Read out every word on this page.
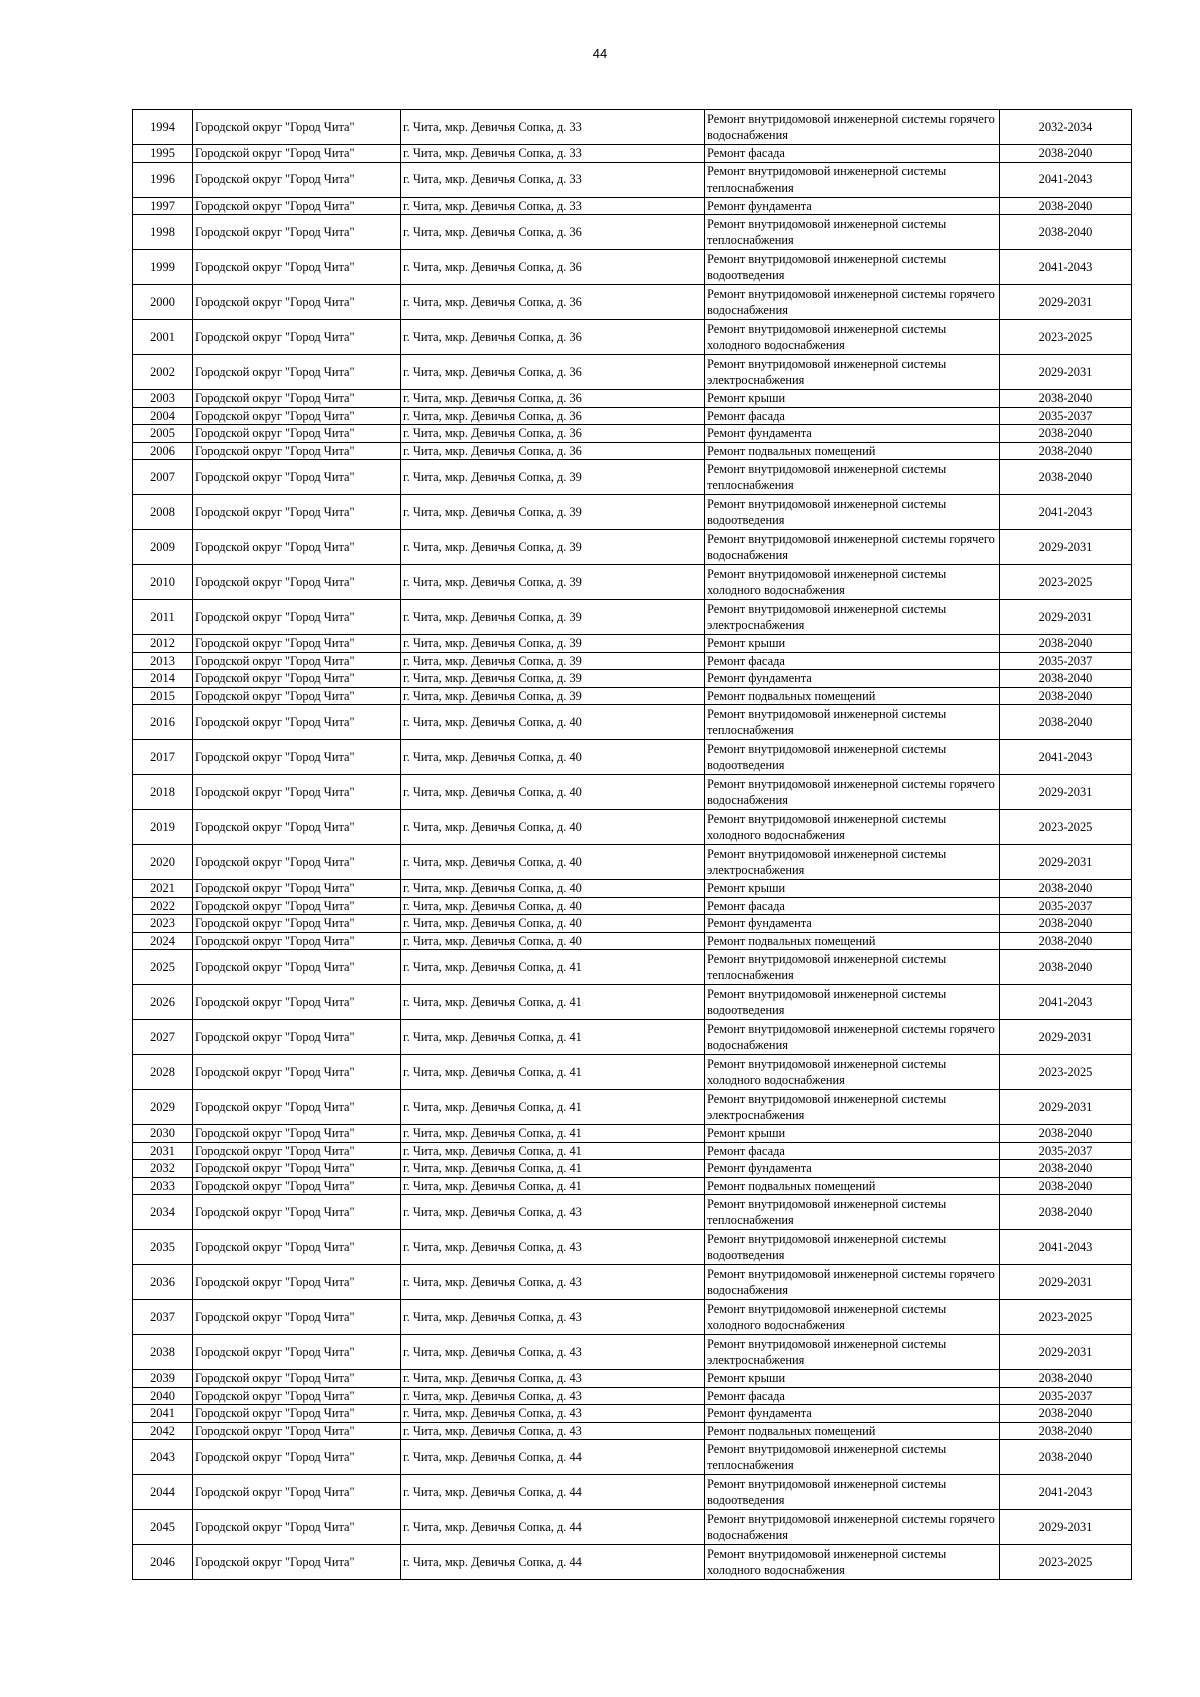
44
1994	Городской округ "Город Чита"	г. Чита, мкр. Девичья Сопка, д. 33	Ремонт внутридомовой инженерной системы горячего водоснабжения	2032-2034
1995	Городской округ "Город Чита"	г. Чита, мкр. Девичья Сопка, д. 33	Ремонт фасада	2038-2040
1996	Городской округ "Город Чита"	г. Чита, мкр. Девичья Сопка, д. 33	Ремонт внутридомовой инженерной системы теплоснабжения	2041-2043
1997	Городской округ "Город Чита"	г. Чита, мкр. Девичья Сопка, д. 33	Ремонт фундамента	2038-2040
1998	Городской округ "Город Чита"	г. Чита, мкр. Девичья Сопка, д. 36	Ремонт внутридомовой инженерной системы теплоснабжения	2038-2040
1999	Городской округ "Город Чита"	г. Чита, мкр. Девичья Сопка, д. 36	Ремонт внутридомовой инженерной системы водоотведения	2041-2043
2000	Городской округ "Город Чита"	г. Чита, мкр. Девичья Сопка, д. 36	Ремонт внутридомовой инженерной системы горячего водоснабжения	2029-2031
2001	Городской округ "Город Чита"	г. Чита, мкр. Девичья Сопка, д. 36	Ремонт внутридомовой инженерной системы холодного водоснабжения	2023-2025
2002	Городской округ "Город Чита"	г. Чита, мкр. Девичья Сопка, д. 36	Ремонт внутридомовой инженерной системы электроснабжения	2029-2031
2003	Городской округ "Город Чита"	г. Чита, мкр. Девичья Сопка, д. 36	Ремонт крыши	2038-2040
2004	Городской округ "Город Чита"	г. Чита, мкр. Девичья Сопка, д. 36	Ремонт фасада	2035-2037
2005	Городской округ "Город Чита"	г. Чита, мкр. Девичья Сопка, д. 36	Ремонт фундамента	2038-2040
2006	Городской округ "Город Чита"	г. Чита, мкр. Девичья Сопка, д. 36	Ремонт подвальных помещений	2038-2040
2007	Городской округ "Город Чита"	г. Чита, мкр. Девичья Сопка, д. 39	Ремонт внутридомовой инженерной системы теплоснабжения	2038-2040
2008	Городской округ "Город Чита"	г. Чита, мкр. Девичья Сопка, д. 39	Ремонт внутридомовой инженерной системы водоотведения	2041-2043
2009	Городской округ "Город Чита"	г. Чита, мкр. Девичья Сопка, д. 39	Ремонт внутридомовой инженерной системы горячего водоснабжения	2029-2031
2010	Городской округ "Город Чита"	г. Чита, мкр. Девичья Сопка, д. 39	Ремонт внутридомовой инженерной системы холодного водоснабжения	2023-2025
2011	Городской округ "Город Чита"	г. Чита, мкр. Девичья Сопка, д. 39	Ремонт внутридомовой инженерной системы электроснабжения	2029-2031
2012	Городской округ "Город Чита"	г. Чита, мкр. Девичья Сопка, д. 39	Ремонт крыши	2038-2040
2013	Городской округ "Город Чита"	г. Чита, мкр. Девичья Сопка, д. 39	Ремонт фасада	2035-2037
2014	Городской округ "Город Чита"	г. Чита, мкр. Девичья Сопка, д. 39	Ремонт фундамента	2038-2040
2015	Городской округ "Город Чита"	г. Чита, мкр. Девичья Сопка, д. 39	Ремонт подвальных помещений	2038-2040
2016	Городской округ "Город Чита"	г. Чита, мкр. Девичья Сопка, д. 40	Ремонт внутридомовой инженерной системы теплоснабжения	2038-2040
2017	Городской округ "Город Чита"	г. Чита, мкр. Девичья Сопка, д. 40	Ремонт внутридомовой инженерной системы водоотведения	2041-2043
2018	Городской округ "Город Чита"	г. Чита, мкр. Девичья Сопка, д. 40	Ремонт внутридомовой инженерной системы горячего водоснабжения	2029-2031
2019	Городской округ "Город Чита"	г. Чита, мкр. Девичья Сопка, д. 40	Ремонт внутридомовой инженерной системы холодного водоснабжения	2023-2025
2020	Городской округ "Город Чита"	г. Чита, мкр. Девичья Сопка, д. 40	Ремонт внутридомовой инженерной системы электроснабжения	2029-2031
2021	Городской округ "Город Чита"	г. Чита, мкр. Девичья Сопка, д. 40	Ремонт крыши	2038-2040
2022	Городской округ "Город Чита"	г. Чита, мкр. Девичья Сопка, д. 40	Ремонт фасада	2035-2037
2023	Городской округ "Город Чита"	г. Чита, мкр. Девичья Сопка, д. 40	Ремонт фундамента	2038-2040
2024	Городской округ "Город Чита"	г. Чита, мкр. Девичья Сопка, д. 40	Ремонт подвальных помещений	2038-2040
2025	Городской округ "Город Чита"	г. Чита, мкр. Девичья Сопка, д. 41	Ремонт внутридомовой инженерной системы теплоснабжения	2038-2040
2026	Городской округ "Город Чита"	г. Чита, мкр. Девичья Сопка, д. 41	Ремонт внутридомовой инженерной системы водоотведения	2041-2043
2027	Городской округ "Город Чита"	г. Чита, мкр. Девичья Сопка, д. 41	Ремонт внутридомовой инженерной системы горячего водоснабжения	2029-2031
2028	Городской округ "Город Чита"	г. Чита, мкр. Девичья Сопка, д. 41	Ремонт внутридомовой инженерной системы холодного водоснабжения	2023-2025
2029	Городской округ "Город Чита"	г. Чита, мкр. Девичья Сопка, д. 41	Ремонт внутридомовой инженерной системы электроснабжения	2029-2031
2030	Городской округ "Город Чита"	г. Чита, мкр. Девичья Сопка, д. 41	Ремонт крыши	2038-2040
2031	Городской округ "Город Чита"	г. Чита, мкр. Девичья Сопка, д. 41	Ремонт фасада	2035-2037
2032	Городской округ "Город Чита"	г. Чита, мкр. Девичья Сопка, д. 41	Ремонт фундамента	2038-2040
2033	Городской округ "Город Чита"	г. Чита, мкр. Девичья Сопка, д. 41	Ремонт подвальных помещений	2038-2040
2034	Городской округ "Город Чита"	г. Чита, мкр. Девичья Сопка, д. 43	Ремонт внутридомовой инженерной системы теплоснабжения	2038-2040
2035	Городской округ "Город Чита"	г. Чита, мкр. Девичья Сопка, д. 43	Ремонт внутридомовой инженерной системы водоотведения	2041-2043
2036	Городской округ "Город Чита"	г. Чита, мкр. Девичья Сопка, д. 43	Ремонт внутридомовой инженерной системы горячего водоснабжения	2029-2031
2037	Городской округ "Город Чита"	г. Чита, мкр. Девичья Сопка, д. 43	Ремонт внутридомовой инженерной системы холодного водоснабжения	2023-2025
2038	Городской округ "Город Чита"	г. Чита, мкр. Девичья Сопка, д. 43	Ремонт внутридомовой инженерной системы электроснабжения	2029-2031
2039	Городской округ "Город Чита"	г. Чита, мкр. Девичья Сопка, д. 43	Ремонт крыши	2038-2040
2040	Городской округ "Город Чита"	г. Чита, мкр. Девичья Сопка, д. 43	Ремонт фасада	2035-2037
2041	Городской округ "Город Чита"	г. Чита, мкр. Девичья Сопка, д. 43	Ремонт фундамента	2038-2040
2042	Городской округ "Город Чита"	г. Чита, мкр. Девичья Сопка, д. 43	Ремонт подвальных помещений	2038-2040
2043	Городской округ "Город Чита"	г. Чита, мкр. Девичья Сопка, д. 44	Ремонт внутридомовой инженерной системы теплоснабжения	2038-2040
2044	Городской округ "Город Чита"	г. Чита, мкр. Девичья Сопка, д. 44	Ремонт внутридомовой инженерной системы водоотведения	2041-2043
2045	Городской округ "Город Чита"	г. Чита, мкр. Девичья Сопка, д. 44	Ремонт внутридомовой инженерной системы горячего водоснабжения	2029-2031
2046	Городской округ "Город Чита"	г. Чита, мкр. Девичья Сопка, д. 44	Ремонт внутридомовой инженерной системы холодного водоснабжения	2023-2025
